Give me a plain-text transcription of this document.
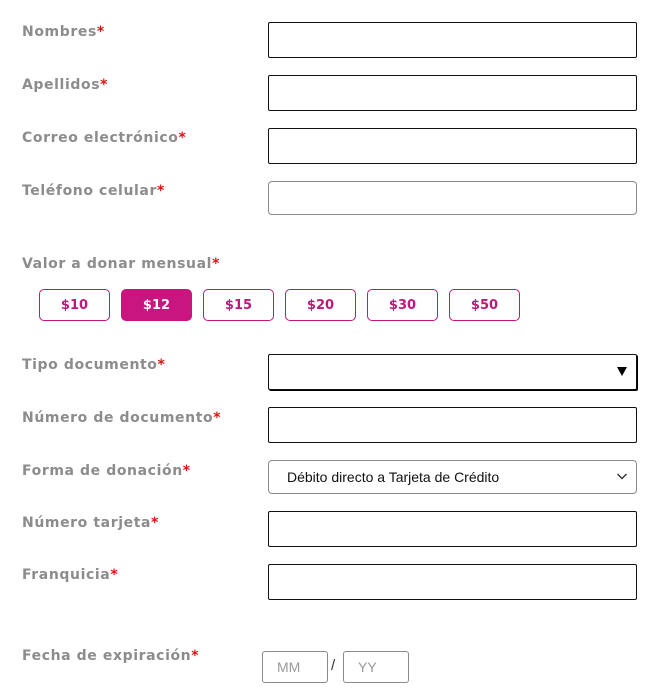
Nombres*
Apellidos*
Correo electrónico*
Teléfono celular*
Valor a donar mensual*
$10	$12	$15	$20	$30	$50
Tipo documento*
Número de documento*
Forma de donación*	Débito directo a Tarjeta de Crédito
Número tarjeta*
Franquicia*
Fecha de expiración*
MM / YY
